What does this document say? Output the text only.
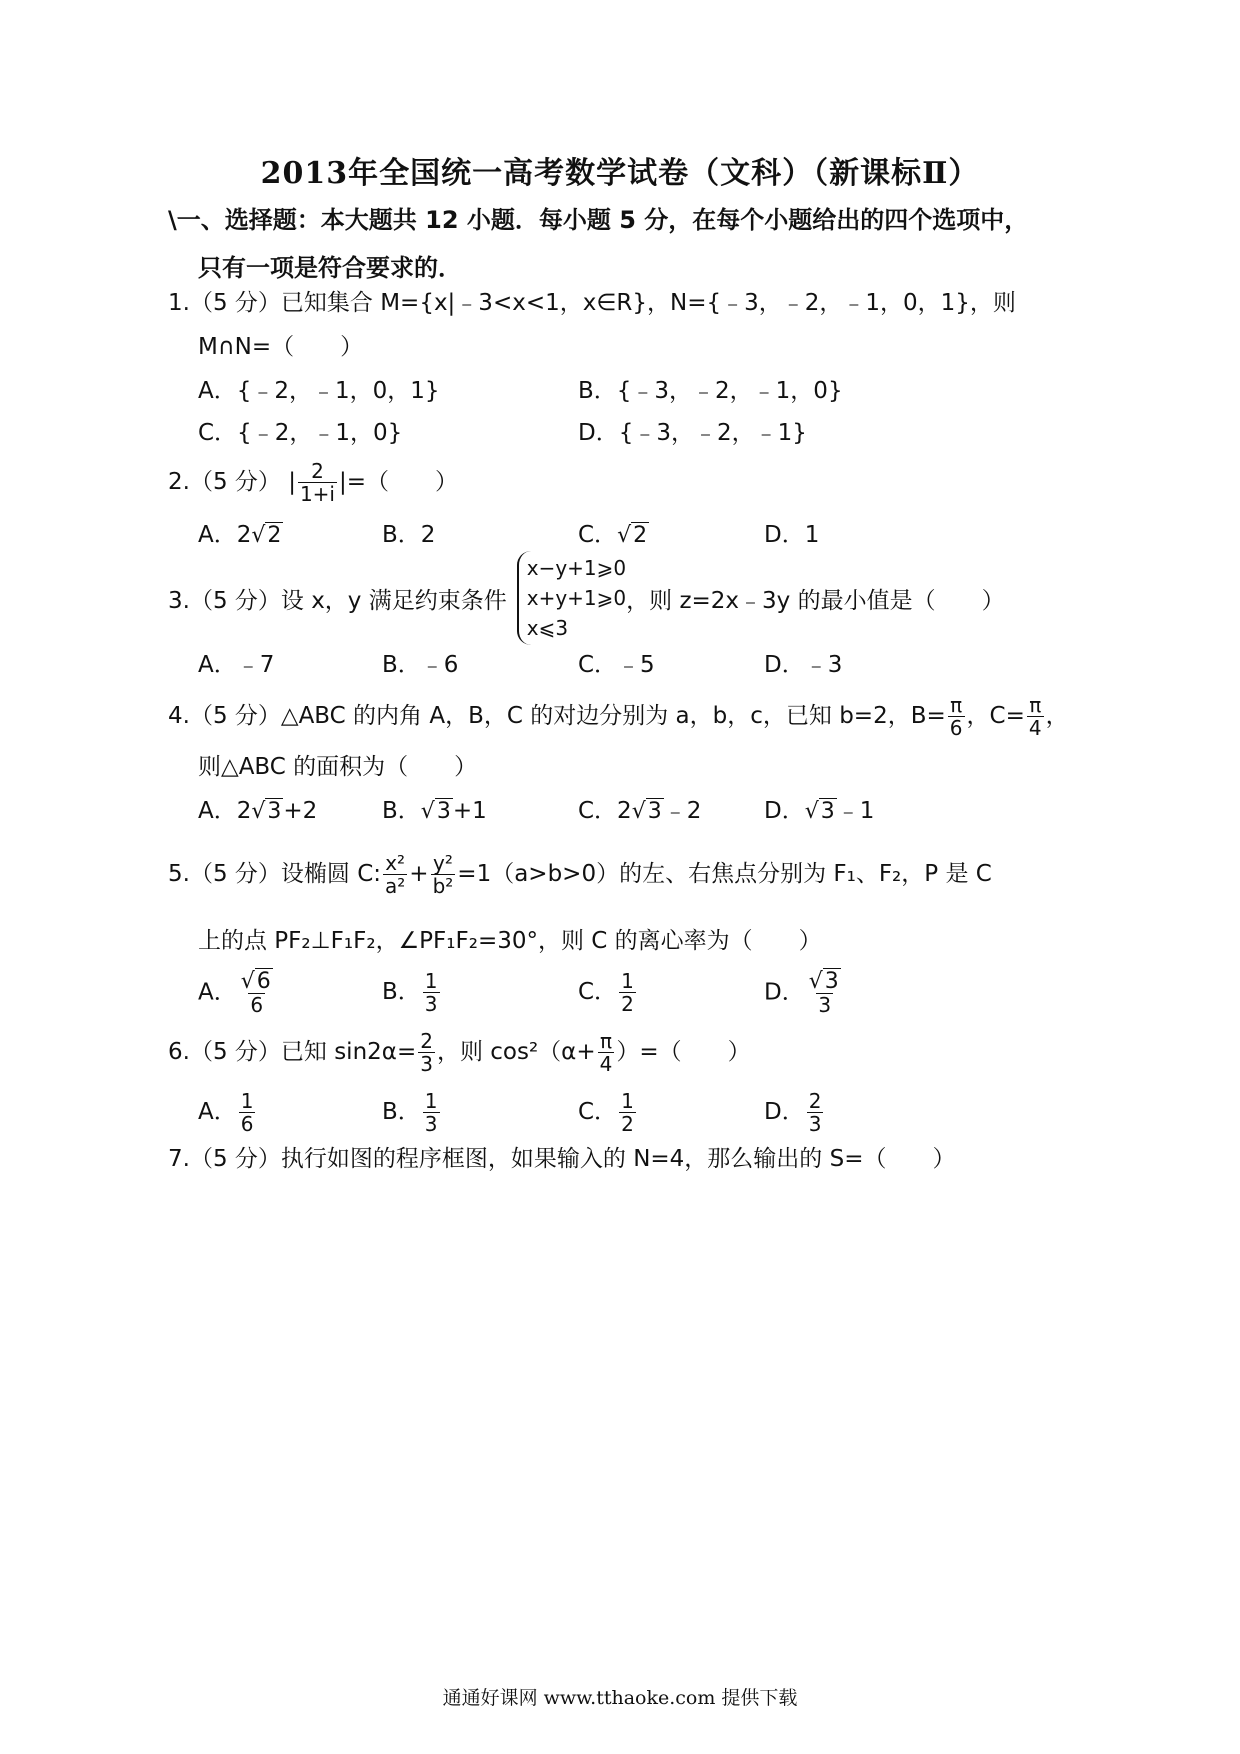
2013年全国统一高考数学试卷（文科）（新课标Ⅱ）
\一、选择题：本大题共 12 小题．每小题 5 分，在每个小题给出的四个选项中，
只有一项是符合要求的．
1.（5 分）已知集合 M={x|﹣3<x<1，x∈R}，N={﹣3，﹣2，﹣1，0，1}，则
M∩N=（　　）
A．{﹣2，﹣1，0，1}	B．{﹣3，﹣2，﹣1，0}
C．{﹣2，﹣1，0}	D．{﹣3，﹣2，﹣1}
2.（5 分） | $\frac{2}{1+i}$ |=（　　）
A．2√2	B．2	C．√2	D．1
3.（5 分）设 x，y 满足约束条件
x−y+1⩾0
x+y+1⩾0
x⩽3
，则 z=2x﹣3y 的最小值是（　　）
A．﹣7	B．﹣6	C．﹣5	D．﹣3
4.（5 分）△ABC 的内角 A，B，C 的对边分别为 a，b，c，已知 b=2，$B= \frac{\pi}{6}$ ，$C= \frac{\pi}{4}$ ，
则△ABC 的面积为（　　）
A．2√3+2	B．√3+1	C．2√3﹣2	D．√3﹣1
5.（5 分）设椭圆 C: $\frac{\text{x²}}{\text{a²}} + \frac{\text{y²}}{\text{b²}} =1(a>b>0)$的左、右焦点分别为 F₁、F₂，P 是 C
上的点 PF₂⊥F₁F₂，∠PF₁F₂=30°，则 C 的离心率为（　　）
A． $\frac{√6}{6}$	B． $\frac{1}{3}$	C． $\frac{1}{2}$	D． $\frac{√3}{3}$
6.（5 分）已知 $\sin 2\alpha= \frac{2}{3}$ ，则 $\cos^2(\alpha+ \frac{\pi}{4}$ ）=（　　）
A． $\frac{1}{6}$	B． $\frac{1}{3}$	C． $\frac{1}{2}$	D． $\frac{2}{3}$
7.（5 分）执行如图的程序框图，如果输入的 N=4，那么输出的 S=（　　）
通通好课网 www.tthaoke.com 提供下载
